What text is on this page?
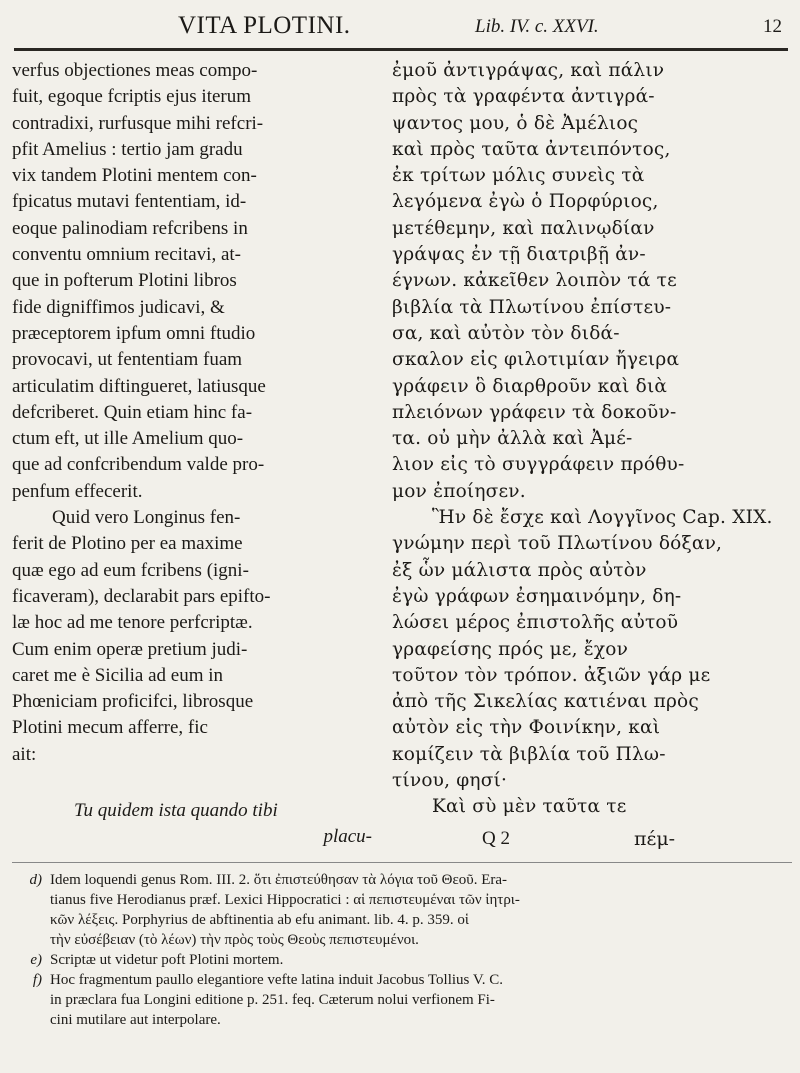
VITA PLOTINI.	Lib. IV. c. XXVI.	12
verfus objectiones meas compo-
fuit, egoque fcriptis ejus iterum
contradixi, rurfusque mihi refcri-
pfit Amelius : tertio jam gradu
vix tandem Plotini mentem con-
fpicatus mutavi fententiam, id-
eoque palinodiam refcribens in
conventu omnium recitavi, at-
que in pofterum Plotini libros
fide digniffimos judicavi, &
præceptorem ipfum omni ftudio
provocavi, ut fententiam fuam
articulatim diftingueret, latiusque
defcriberet. Quin etiam hinc fa-
ctum eft, ut ille Amelium quo-
que ad confcribendum valde pro-
penfum effecerit.
Quid vero Longinus fen-
ferit de Plotino per ea maxime
quæ ego ad eum fcribens (igni-
ficaveram), declarabit pars epifto-
læ hoc ad me tenore perfcriptæ.
Cum enim operæ pretium judi-
caret me è Sicilia ad eum in
Phœniciam proficifci, librosque
Plotini mecum afferre, fic
ait:
ἐμοῦ ἀντιγράψας, καὶ πάλιν
πρὸς τὰ γραφέντα ἀντιγρά-
ψαντος μου, ὁ δὲ Ἀμέλιος
καὶ πρὸς ταῦτα ἀντειπόντος,
ἐκ τρίτων μόλις συνεὶς τὰ
λεγόμενα ἐγὼ ὁ Πορφύριος,
μετέθεμην, καὶ παλινῳδίαν
γράψας ἐν τῇ διατριβῇ ἀν-
έγνων. κἀκεῖθεν λοιπὸν τά τε
βιβλία τὰ Πλωτίνου ἐπίστευ-
σα, καὶ αὐτὸν τὸν διδά-
σκαλον εἰς φιλοτιμίαν ἤγειρα
γράφειν ὃ διαρθροῦν καὶ διὰ
πλειόνων γράφειν τὰ δοκοῦν-
τα. οὐ μὴν ἀλλὰ καὶ Ἀμέ-
λιον εἰς τὸ συγγράφειν πρόθυ-
μον ἐποίησεν.
Ἣν δὲ ἔσχε καὶ Λογγῖνος Cap. XIX.
γνώμην περὶ τοῦ Πλωτίνου δόξαν,
ἐξ ὧν μάλιστα πρὸς αὐτὸν
ἐγὼ γράφων ἐσημαινόμην, δη-
λώσει μέρος ἐπιστολῆς αὐτοῦ
γραφείσης πρός με, ἔχον
τοῦτον τὸν τρόπον. ἀξιῶν γάρ με
ἀπὸ τῆς Σικελίας κατιέναι πρὸς
αὐτὸν εἰς τὴν Φοινίκην, καὶ
κομίζειν τὰ βιβλία τοῦ Πλω-
τίνου, φησί·
Καὶ σὺ μὲν ταῦτα τε
Tu quidem ista quando tibi
placu-	Q 2	πέμ-
d) Idem loquendi genus Rom. III. 2. ὅτι ἐπιστεύθησαν τὰ λόγια τοῦ Θεοῦ. Era-
tianus five Herodianus præf. Lexici Hippocratici : αἱ πεπιστευμέναι τῶν ἰητρι-
κῶν λέξεις. Porphyrius de abftinentia ab efu animant. lib. 4. p. 359. οἱ
τὴν εὐσέβειαν (τὸ λέων) τὴν πρὸς τοὺς Θεοὺς πεπιστευμένοι.
e) Scriptæ ut videtur poft Plotini mortem.
f) Hoc fragmentum paullo elegantiore vefte latina induit Jacobus Tollius V. C.
in præclara fua Longini editione p. 251. feq. Cæterum nolui verfionem Fi-
cini mutilare aut interpolare.
